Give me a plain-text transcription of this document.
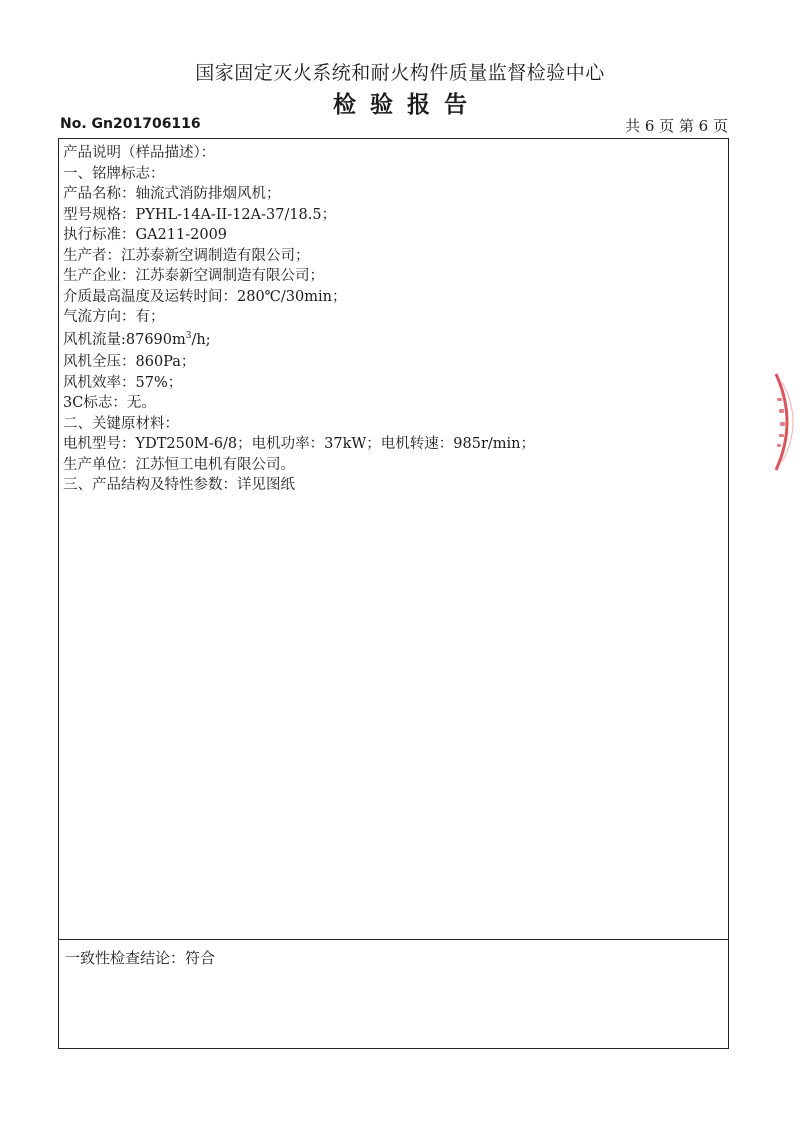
国家固定灭火系统和耐火构件质量监督检验中心
检验报告
No. Gn201706116	共 6 页 第 6 页
产品说明（样品描述）：
一、铭牌标志：
产品名称：轴流式消防排烟风机；
型号规格：PYHL-14A-II-12A-37/18.5；
执行标准：GA211-2009
生产者：江苏泰新空调制造有限公司；
生产企业：江苏泰新空调制造有限公司；
介质最高温度及运转时间：280℃/30min；
气流方向：有；
风机流量$:87690m^3/h$;
风机全压：860Pa；
风机效率：57%；
3C标志：无。
二、关键原材料：
电机型号：YDT250M-6/8；电机功率：37kW；电机转速：985r/min；
生产单位：江苏恒工电机有限公司。
三、产品结构及特性参数：详见图纸
一致性检查结论：符合
